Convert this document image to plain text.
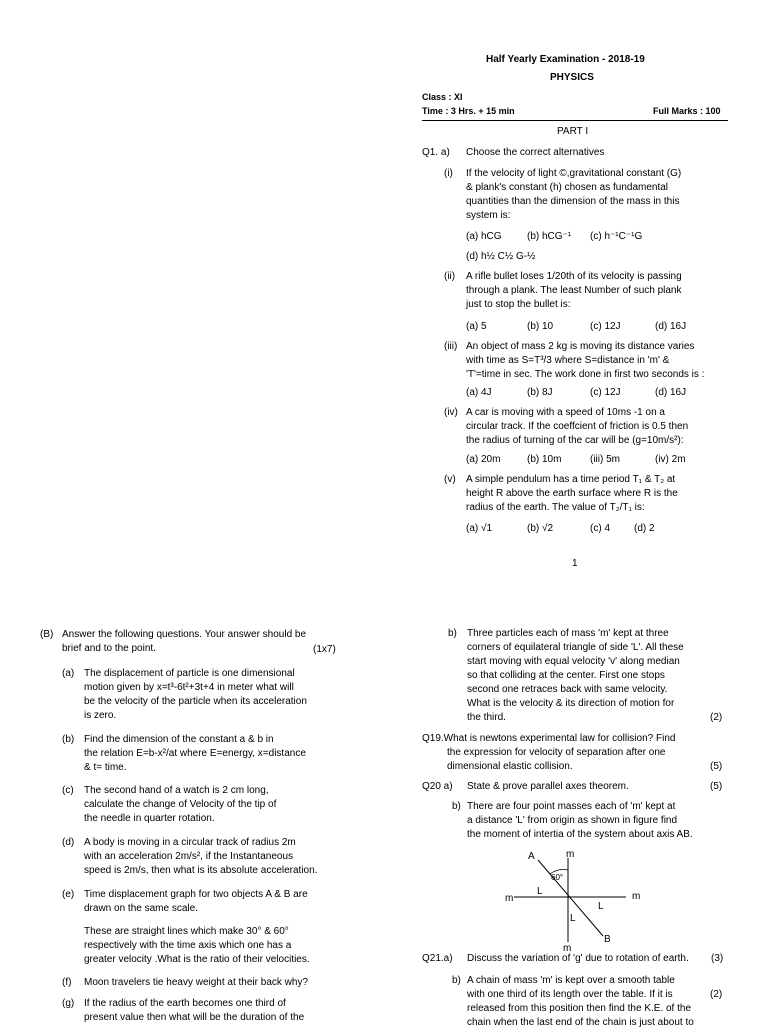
Half Yearly Examination - 2018-19
PHYSICS
Class : XI
Time : 3 Hrs. + 15 min	Full Marks : 100
PART I
Q1. a) Choose the correct alternatives
(i) If the velocity of light ©,gravitational constant (G)
& plank's constant (h) chosen as fundamental
quantities than the dimension of the mass in this
system is:
(a) hCG	(b) hCG⁻¹ (c) h⁻¹C⁻¹G
(d) h½ C½ G-½
(ii) A rifle bullet loses 1/20th of its velocity is passing
through a plank. The least Number of such plank
just to stop the bullet is:
(a) 5	(b) 10	(c) 12J	(d) 16J
(iii) An object of mass 2 kg is moving its distance varies
with time as S=T³/3 where S=distance in 'm' &
'T'=time in sec. The work done in first two seconds is :
(a) 4J	(b) 8J	(c) 12J	(d) 16J
(iv) A car is moving with a speed of 10ms -1 on a
circular track. If the coeffcient of friction is 0.5 then
the radius of turning of the car will be (g=10m/s²):
(a) 20m	(b) 10m	(iii) 5m	(iv) 2m
(v) A simple pendulum has a time period T₁ & T₂ at
height R above the earth surface where R is the
radius of the earth. The value of T₂/T₁ is:
(a) √1	(b) √2	(c) 4 (d) 2
1
(B) Answer the following questions. Your answer should be
brief and to the point.	(1x7)
(a) The displacement of particle is one dimensional
motion given by x=t³-6t²+3t+4 in meter what will
be the velocity of the particle when its acceleration
is zero.
(b) Find the dimension of the constant a & b in
the relation E=b-x²/at where E=energy, x=distance
& t= time.
(c) The second hand of a watch is 2 cm long,
calculate the change of Velocity of the tip of
the needle in quarter rotation.
(d) A body is moving in a circular track of radius 2m
with an acceleration 2m/s², if the Instantaneous
speed is 2m/s, then what is its absolute acceleration.
(e) Time displacement graph for two objects A & B are
drawn on the same scale.
These are straight lines which make 30° & 60°
respectively with the time axis which one has a
greater velocity .What is the ratio of their velocities.
(f) Moon travelers tie heavy weight at their back why?
(g) If the radius of the earth becomes one third of
present value then what will be the duration of the
b) Three particles each of mass 'm' kept at three
corners of equilateral triangle of side 'L'. All these
start moving with equal velocity 'v' along median
so that colliding at the center. First one stops
second one retraces back with same velocity.
What is the velocity & its direction of motion for
the third.	(2)
Q19.What is newtons experimental law for collision? Find
the expression for velocity of separation after one
dimensional elastic collision.	(5)
Q20 a) State & prove parallel axes theorem.	(5)
b) There are four point masses each of 'm' kept at
a distance 'L' from origin as shown in figure find
the moment of intertia of the system about axis AB.
A	m
60°
L
m	m
L
L
B
m
Q21.a) Discuss the variation of 'g' due to rotation of earth. (3)
b) A chain of mass 'm' is kept over a smooth table
with one third of its length over the table. If it is
released from this position then find the K.E. of the
chain when the last end of the chain is just about to
(2)
